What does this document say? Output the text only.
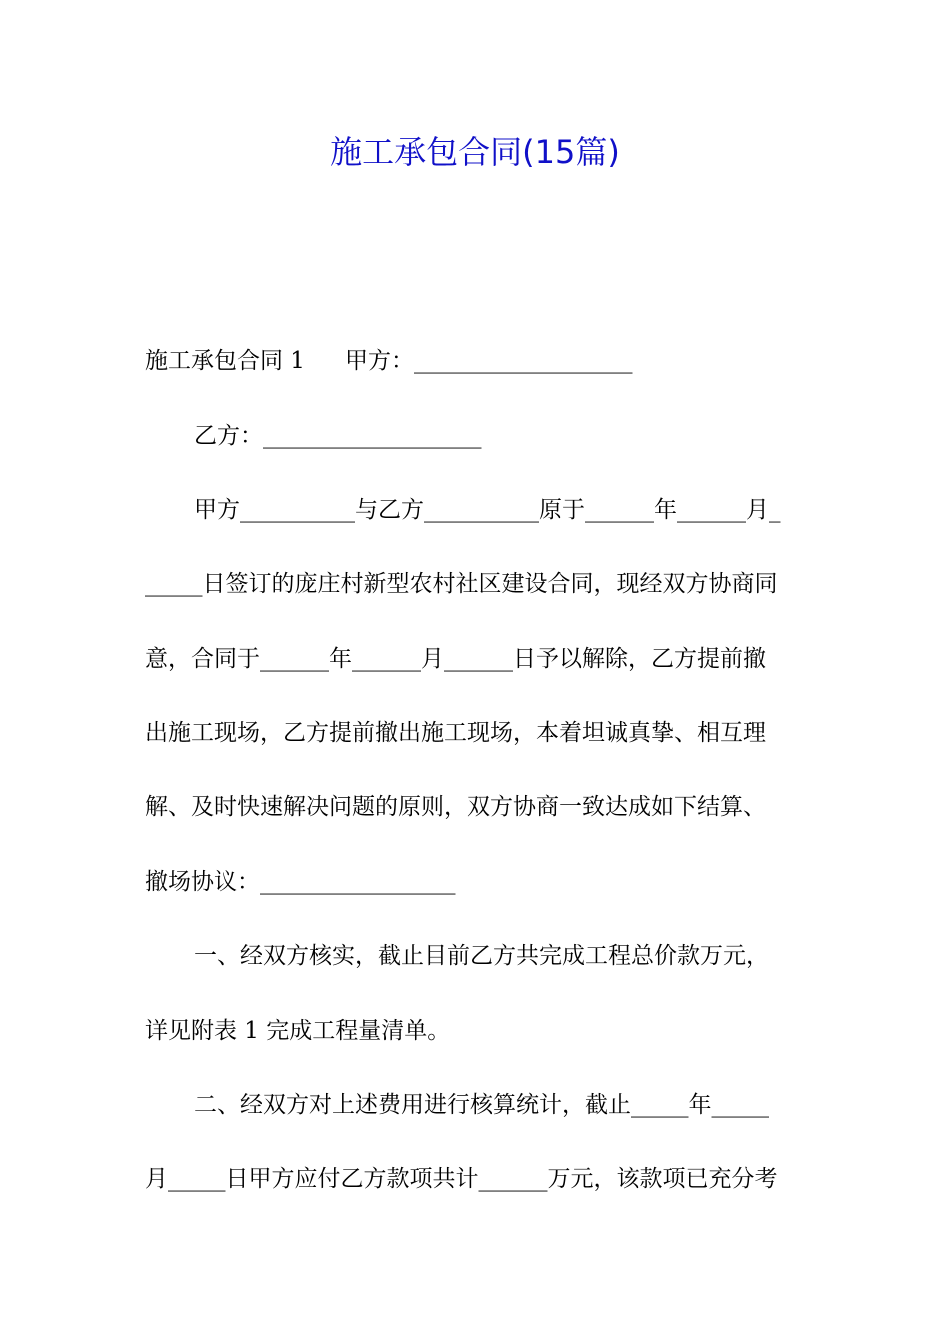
施工承包合同(15篇)
施工承包合同 1 甲方：___________________
乙方：___________________
甲方__________与乙方__________原于______年______月_
_____日签订的庞庄村新型农村社区建设合同，现经双方协商同
意，合同于______年______月______日予以解除，乙方提前撤
出施工现场，乙方提前撤出施工现场，本着坦诚真挚、相互理
解、及时快速解决问题的原则，双方协商一致达成如下结算、
撤场协议：_________________
一、经双方核实，截止目前乙方共完成工程总价款万元，
详见附表 1 完成工程量清单。
二、经双方对上述费用进行核算统计，截止_____年_____
月_____日甲方应付乙方款项共计______万元，该款项已充分考
